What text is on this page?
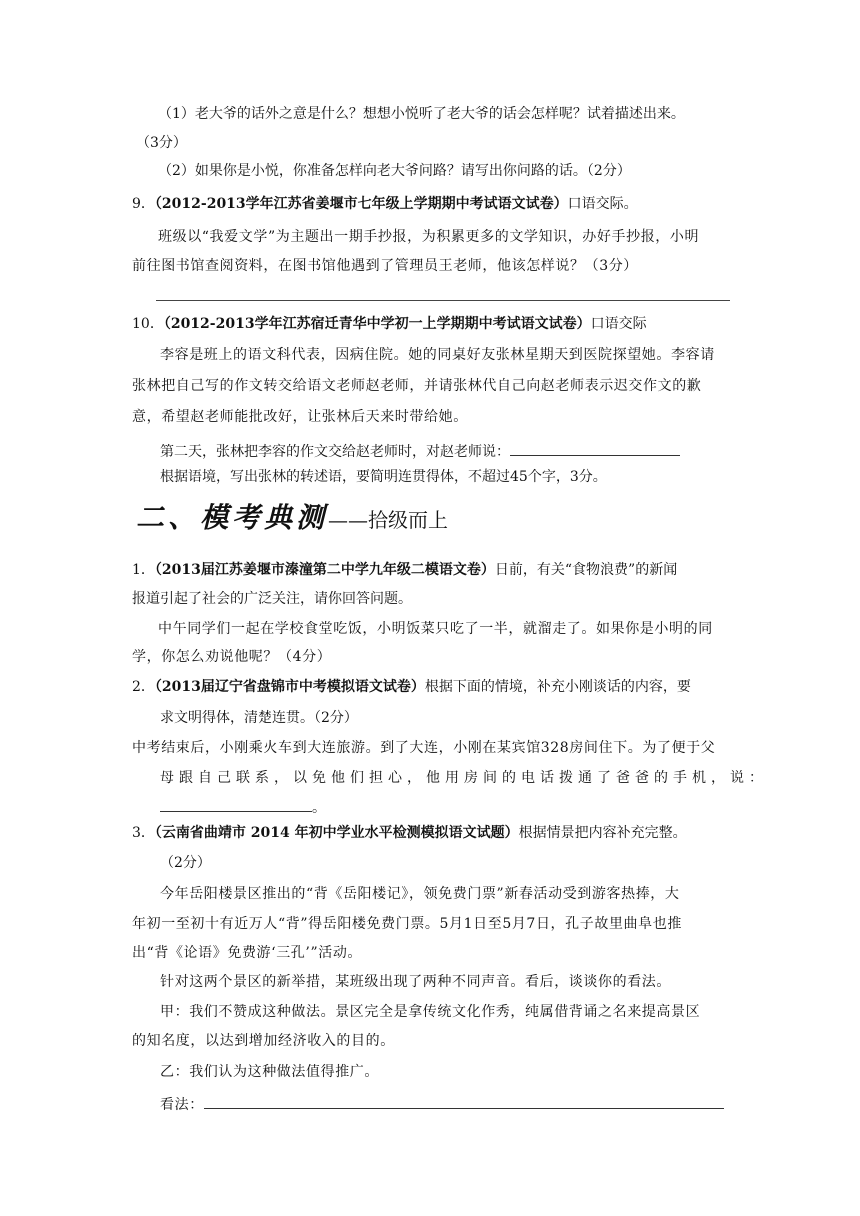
（1）老大爷的话外之意是什么？想想小悦听了老大爷的话会怎样呢？试着描述出来。
（3分）
（2）如果你是小悦，你准备怎样向老大爷问路？请写出你问路的话。（2分）
9．（2012-2013学年江苏省姜堰市七年级上学期期中考试语文试卷）口语交际。
班级以“我爱文学”为主题出一期手抄报，为积累更多的文学知识，办好手抄报，小明
前往图书馆查阅资料，在图书馆他遇到了管理员王老师，他该怎样说？（3分）
10．（2012-2013学年江苏宿迁青华中学初一上学期期中考试语文试卷）口语交际
李容是班上的语文科代表，因病住院。她的同桌好友张林星期天到医院探望她。李容请
张林把自己写的作文转交给语文老师赵老师，并请张林代自己向赵老师表示迟交作文的歉
意，希望赵老师能批改好，让张林后天来时带给她。
第二天，张林把李容的作文交给赵老师时，对赵老师说：
根据语境，写出张林的转述语，要简明连贯得体，不超过45个字，3分。
二、模考典测——拾级而上
1．（2013届江苏姜堰市溱潼第二中学九年级二模语文卷）日前，有关“食物浪费”的新闻
报道引起了社会的广泛关注，请你回答问题。
中午同学们一起在学校食堂吃饭，小明饭菜只吃了一半，就溜走了。如果你是小明的同
学，你怎么劝说他呢？（4分）
2．（2013届辽宁省盘锦市中考模拟语文试卷）根据下面的情境，补充小刚谈话的内容，要
求文明得体，清楚连贯。（2分）
中考结束后，小刚乘火车到大连旅游。到了大连，小刚在某宾馆328房间住下。为了便于父
母跟自己联系，以免他们担心，他用房间的电话拨通了爸爸的手机，说：
。
3．（云南省曲靖市 2014 年初中学业水平检测模拟语文试题）根据情景把内容补充完整。
（2分）
今年岳阳楼景区推出的“背《岳阳楼记》，领免费门票”新春活动受到游客热捧，大
年初一至初十有近万人“背”得岳阳楼免费门票。5月1日至5月7日，孔子故里曲阜也推
出“背《论语》免费游‘三孔’”活动。
针对这两个景区的新举措，某班级出现了两种不同声音。看后，谈谈你的看法。
甲：我们不赞成这种做法。景区完全是拿传统文化作秀，纯属借背诵之名来提高景区
的知名度，以达到增加经济收入的目的。
乙：我们认为这种做法值得推广。
看法：
